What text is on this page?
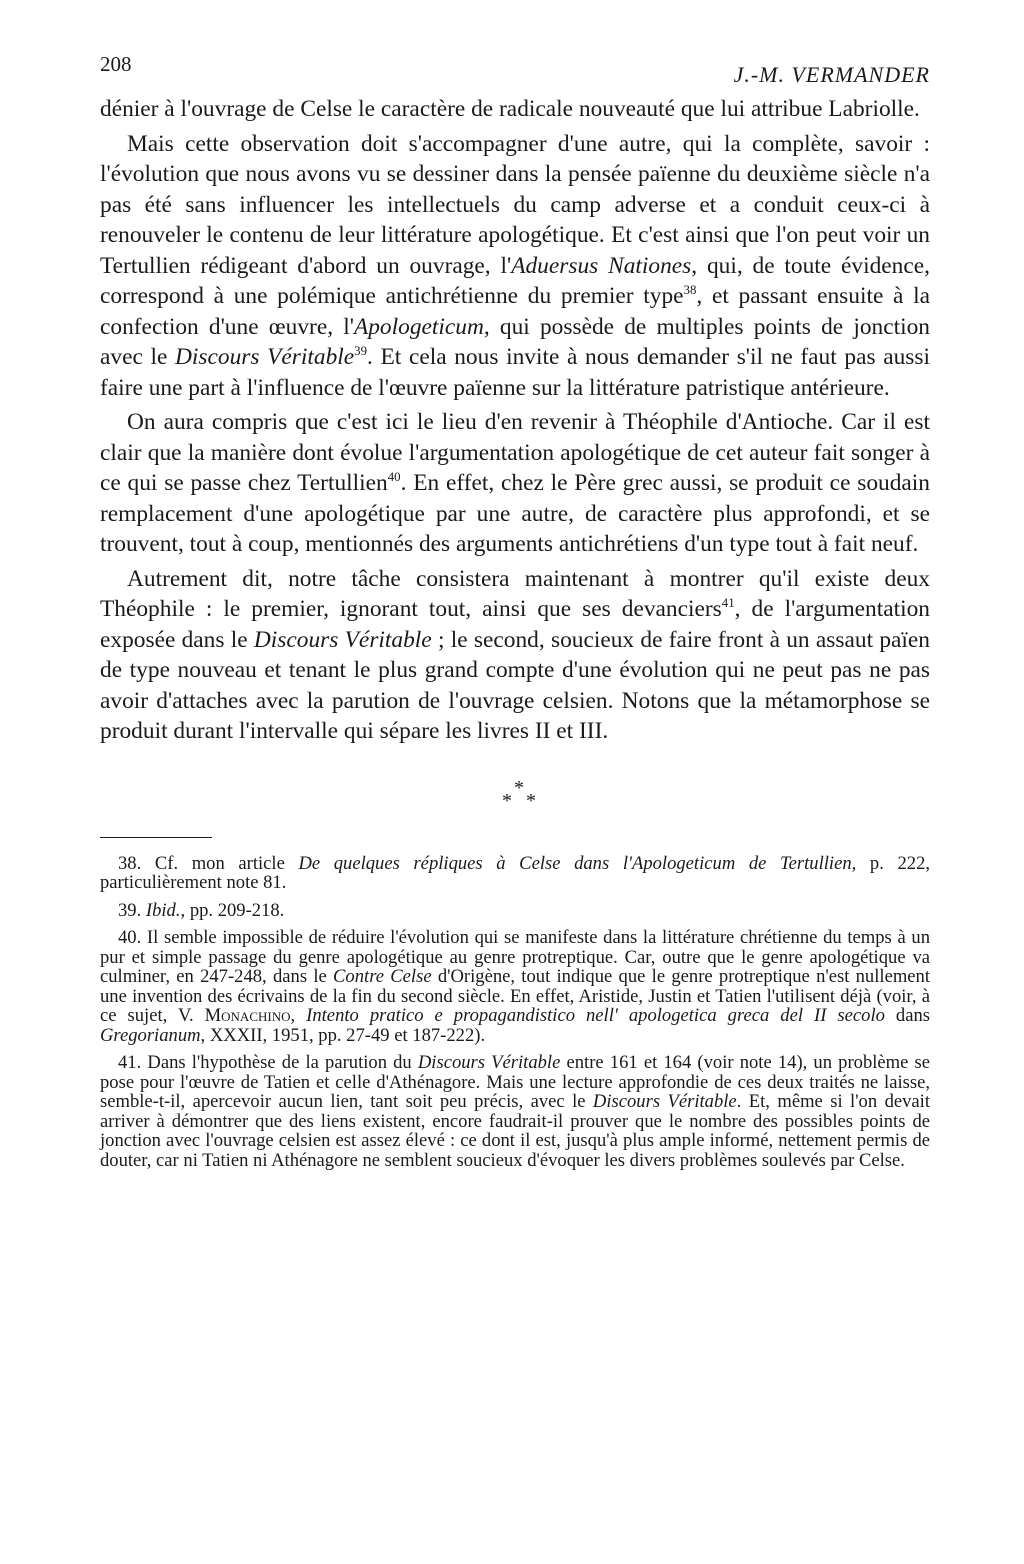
208	J.-M. VERMANDER

dénier à l'ouvrage de Celse le caractère de radicale nouveauté que lui attribue Labriolle.

Mais cette observation doit s'accompagner d'une autre, qui la complète, savoir : l'évolution que nous avons vu se dessiner dans la pensée païenne du deuxième siècle n'a pas été sans influencer les intellectuels du camp adverse et a conduit ceux-ci à renouveler le contenu de leur littérature apologétique. Et c'est ainsi que l'on peut voir un Tertullien rédigeant d'abord un ouvrage, l'Aduersus Nationes, qui, de toute évidence, correspond à une polémique antichrétienne du premier type$^{38}$, et passant ensuite à la confection d'une œuvre, l'Apologeticum, qui possède de multiples points de jonction avec le Discours Véritable$^{39}$. Et cela nous invite à nous demander s'il ne faut pas aussi faire une part à l'influence de l'œuvre païenne sur la littérature patristique antérieure.

On aura compris que c'est ici le lieu d'en revenir à Théophile d'Antioche. Car il est clair que la manière dont évolue l'argumentation apologétique de cet auteur fait songer à ce qui se passe chez Tertullien$^{40}$. En effet, chez le Père grec aussi, se produit ce soudain remplacement d'une apologétique par une autre, de caractère plus approfondi, et se trouvent, tout à coup, mentionnés des arguments antichrétiens d'un type tout à fait neuf.

Autrement dit, notre tâche consistera maintenant à montrer qu'il existe deux Théophile : le premier, ignorant tout, ainsi que ses devanciers$^{41}$, de l'argumentation exposée dans le Discours Véritable ; le second, soucieux de faire front à un assaut païen de type nouveau et tenant le plus grand compte d'une évolution qui ne peut pas ne pas avoir d'attaches avec la parution de l'ouvrage celsien. Notons que la métamorphose se produit durant l'intervalle qui sépare les livres II et III.

*
* *

38. Cf. mon article De quelques répliques à Celse dans l'Apologeticum de Tertullien, p. 222, particulièrement note 81.

39. Ibid., pp. 209-218.

40. Il semble impossible de réduire l'évolution qui se manifeste dans la littérature chrétienne du temps à un pur et simple passage du genre apologétique au genre protreptique. Car, outre que le genre apologétique va culminer, en 247-248, dans le Contre Celse d'Origène, tout indique que le genre protreptique n'est nullement une invention des écrivains de la fin du second siècle. En effet, Aristide, Justin et Tatien l'utilisent déjà (voir, à ce sujet, V. Monachino, Intento pratico e propagandistico nell' apologetica greca del II secolo dans Gregorianum, XXXII, 1951, pp. 27-49 et 187-222).

41. Dans l'hypothèse de la parution du Discours Véritable entre 161 et 164 (voir note 14), un problème se pose pour l'œuvre de Tatien et celle d'Athénagore. Mais une lecture approfondie de ces deux traités ne laisse, semble-t-il, apercevoir aucun lien, tant soit peu précis, avec le Discours Véritable. Et, même si l'on devait arriver à démontrer que des liens existent, encore faudrait-il prouver que le nombre des possibles points de jonction avec l'ouvrage celsien est assez élevé : ce dont il est, jusqu'à plus ample informé, nettement permis de douter, car ni Tatien ni Athénagore ne semblent soucieux d'évoquer les divers problèmes soulevés par Celse.
